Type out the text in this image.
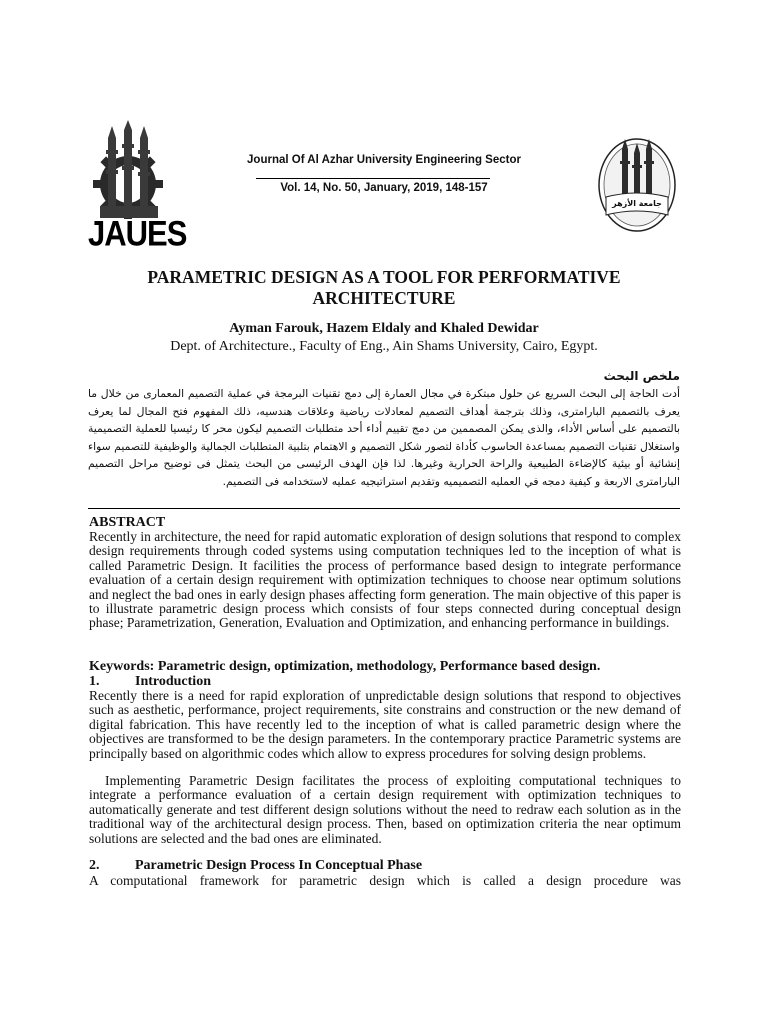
JAUES
جامعة الأزهر
Journal Of Al Azhar University Engineering Sector
Vol. 14, No. 50, January, 2019, 148-157
PARAMETRIC DESIGN AS A TOOL FOR PERFORMATIVE ARCHITECTURE
Ayman Farouk, Hazem Eldaly and Khaled Dewidar
Dept. of Architecture., Faculty of Eng., Ain Shams University, Cairo, Egypt.
ملخص البحث
أدت الحاجة إلى البحث السريع عن حلول مبتكرة في مجال العمارة إلى دمج تقنيات البرمجة في عملية التصميم المعمارى من خلال ما يعرف بالتصميم البارامترى، وذلك بترجمة أهداف التصميم لمعادلات رياضية وعلاقات هندسيه، ذلك المفهوم فتح المجال لما يعرف بالتصميم على أساس الأداء، والذى يمكن المصممين من دمج تقييم أداء أحد متطلبات التصميم ليكون محر كا رئيسيا للعملية التصميمية واستغلال تقنيات التصميم بمساعدة الحاسوب كأداة لتصور شكل التصميم و الاهتمام بتلبية المتطلبات الجمالية والوظيفية للتصميم سواء إنشائية أو بيئية كالإضاءة الطبيعية والراحة الحرارية وغيرها. لذا فإن الهدف الرئيسى من البحث يتمثل فى توضيح مراحل التصميم البارامترى الاربعة و كيفية دمجه في العمليه التصميميه وتقديم استراتيجيه عمليه لاستخدامه فى التصميم.
ABSTRACT
Recently in architecture, the need for rapid automatic exploration of design solutions that respond to complex design requirements through coded systems using computation techniques led to the inception of what is called Parametric Design. It facilities the process of performance based design to integrate performance evaluation of a certain design requirement with optimization techniques to choose near optimum solutions and neglect the bad ones in early design phases affecting form generation. The main objective of this paper is to illustrate parametric design process which consists of four steps connected during conceptual design phase; Parametrization, Generation, Evaluation and Optimization, and enhancing performance in buildings.
Keywords: Parametric design, optimization, methodology, Performance based design.
1.	Introduction
Recently there is a need for rapid exploration of unpredictable design solutions that respond to objectives such as aesthetic, performance, project requirements, site constrains and construction or the new demand of digital fabrication. This have recently led to the inception of what is called parametric design where the objectives are transformed to be the design parameters. In the contemporary practice Parametric systems are principally based on algorithmic codes which allow to express procedures for solving design problems.
Implementing Parametric Design facilitates the process of exploiting computational techniques to integrate a performance evaluation of a certain design requirement with optimization techniques to automatically generate and test different design solutions without the need to redraw each solution as in the traditional way of the architectural design process. Then, based on optimization criteria the near optimum solutions are selected and the bad ones are eliminated.
2.	Parametric Design Process In Conceptual Phase
A computational framework for parametric design which is called a design procedure was
